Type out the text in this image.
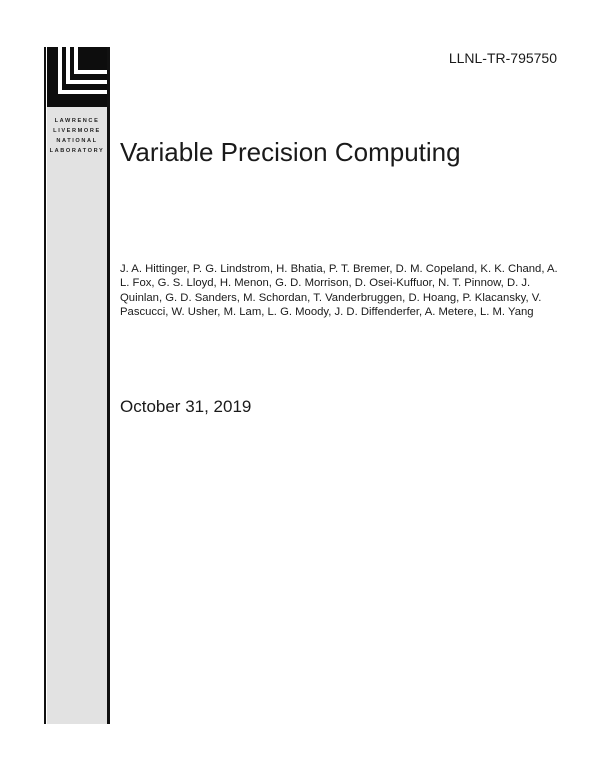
LAWRENCE
LIVERMORE
NATIONAL
LABORATORY
LLNL-TR-795750
Variable Precision Computing
J. A. Hittinger, P. G. Lindstrom, H. Bhatia, P. T. Bremer, D. M. Copeland, K. K. Chand, A. L. Fox, G. S. Lloyd, H. Menon, G. D. Morrison, D. Osei-Kuffuor, N. T. Pinnow, D. J. Quinlan, G. D. Sanders, M. Schordan, T. Vanderbruggen, D. Hoang, P. Klacansky, V. Pascucci, W. Usher, M. Lam, L. G. Moody, J. D. Diffenderfer, A. Metere, L. M. Yang
October 31, 2019
